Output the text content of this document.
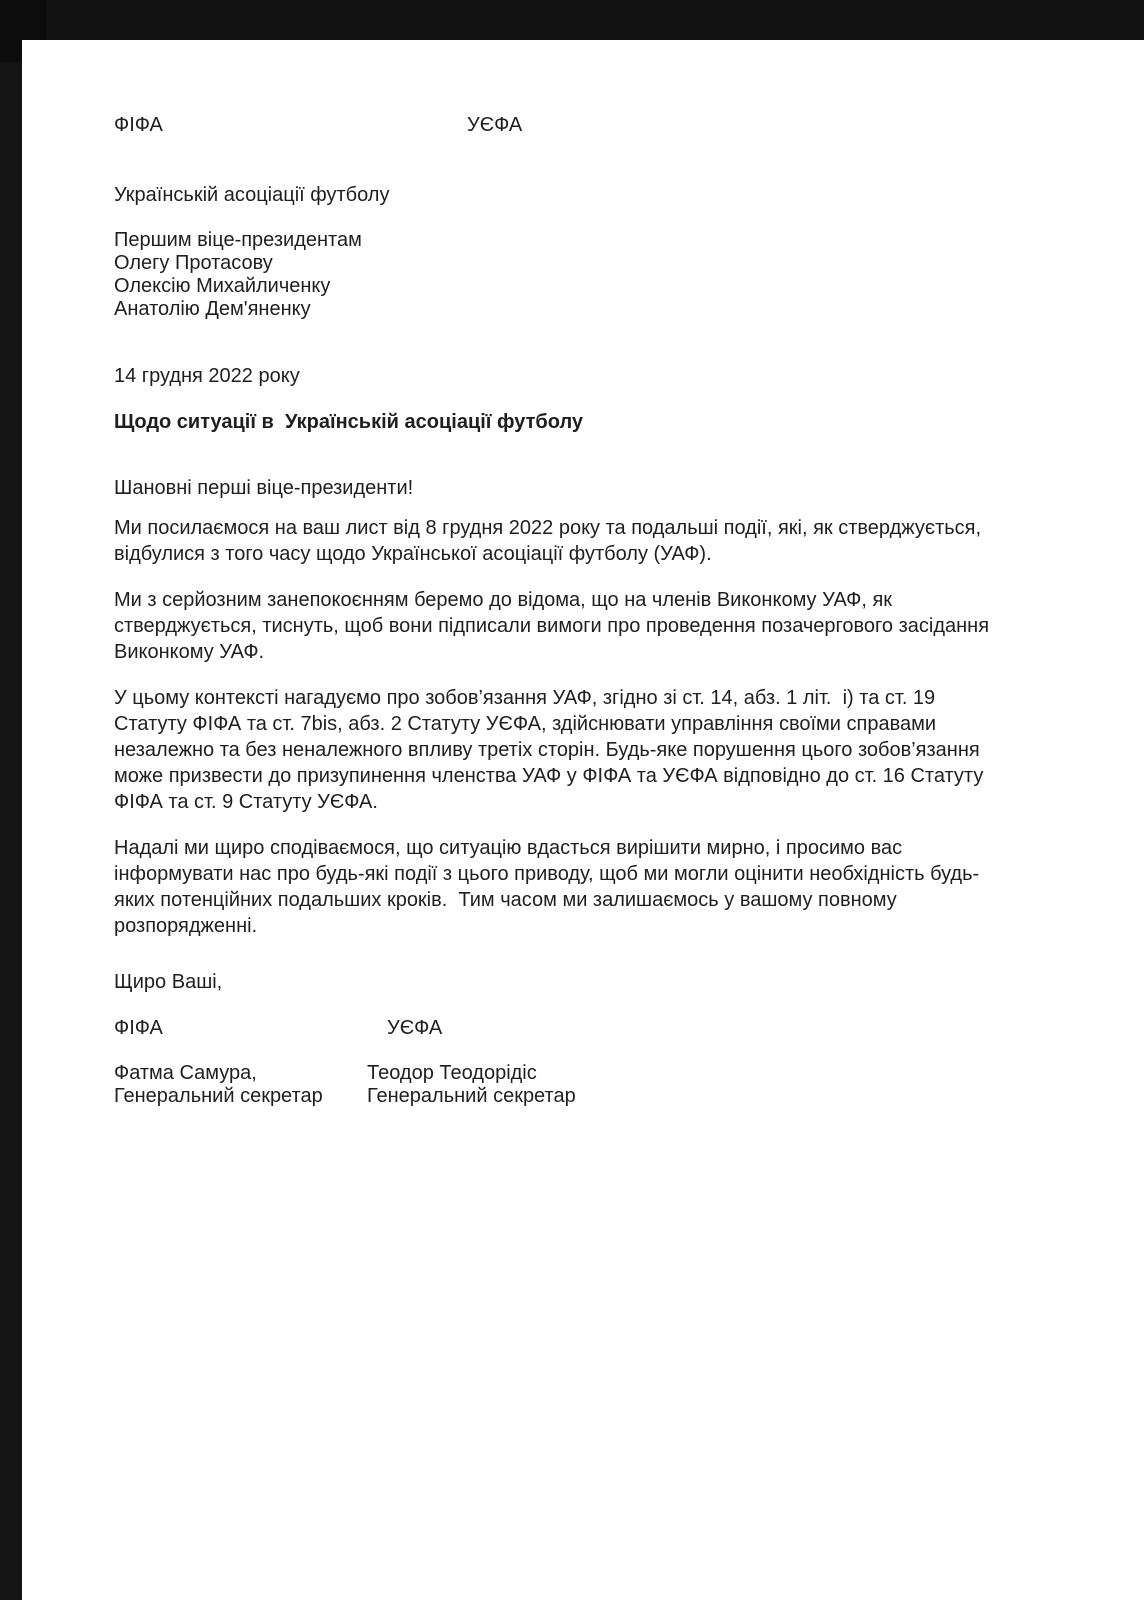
ФІФА	УЄФА
Українській асоціації футболу
Першим віце-президентам
Олегу Протасову
Олексію Михайличенку
Анатолію Дем'яненку
14 грудня 2022 року
Щодо ситуації в  Українській асоціації футболу
Шановні перші віце-президенти!

Ми посилаємося на ваш лист від 8 грудня 2022 року та подальші події, які, як стверджується, відбулися з того часу щодо Української асоціації футболу (УАФ).

Ми з серйозним занепокоєнням беремо до відома, що на членів Виконкому УАФ, як стверджується, тиснуть, щоб вони підписали вимоги про проведення позачергового засідання Виконкому УАФ.

У цьому контексті нагадуємо про зобов’язання УАФ, згідно зі ст. 14, абз. 1 літ.  і) та ст. 19 Статуту ФІФА та ст. 7bis, абз. 2 Статуту УЄФА, здійснювати управління своїми справами незалежно та без неналежного впливу третіх сторін. Будь-яке порушення цього зобов’язання може призвести до призупинення членства УАФ у ФІФА та УЄФА відповідно до ст. 16 Статуту ФІФА та ст. 9 Статуту УЄФА.

Надалі ми щиро сподіваємося, що ситуацію вдасться вирішити мирно, і просимо вас інформувати нас про будь-які події з цього приводу, щоб ми могли оцінити необхідність будь-яких потенційних подальших кроків.  Тим часом ми залишаємось у вашому повному розпорядженні.

Щиро Ваші,
ФІФА	УЄФА
Фатма Самура,	Теодор Теодорідіс
Генеральний секретар	Генеральний секретар
